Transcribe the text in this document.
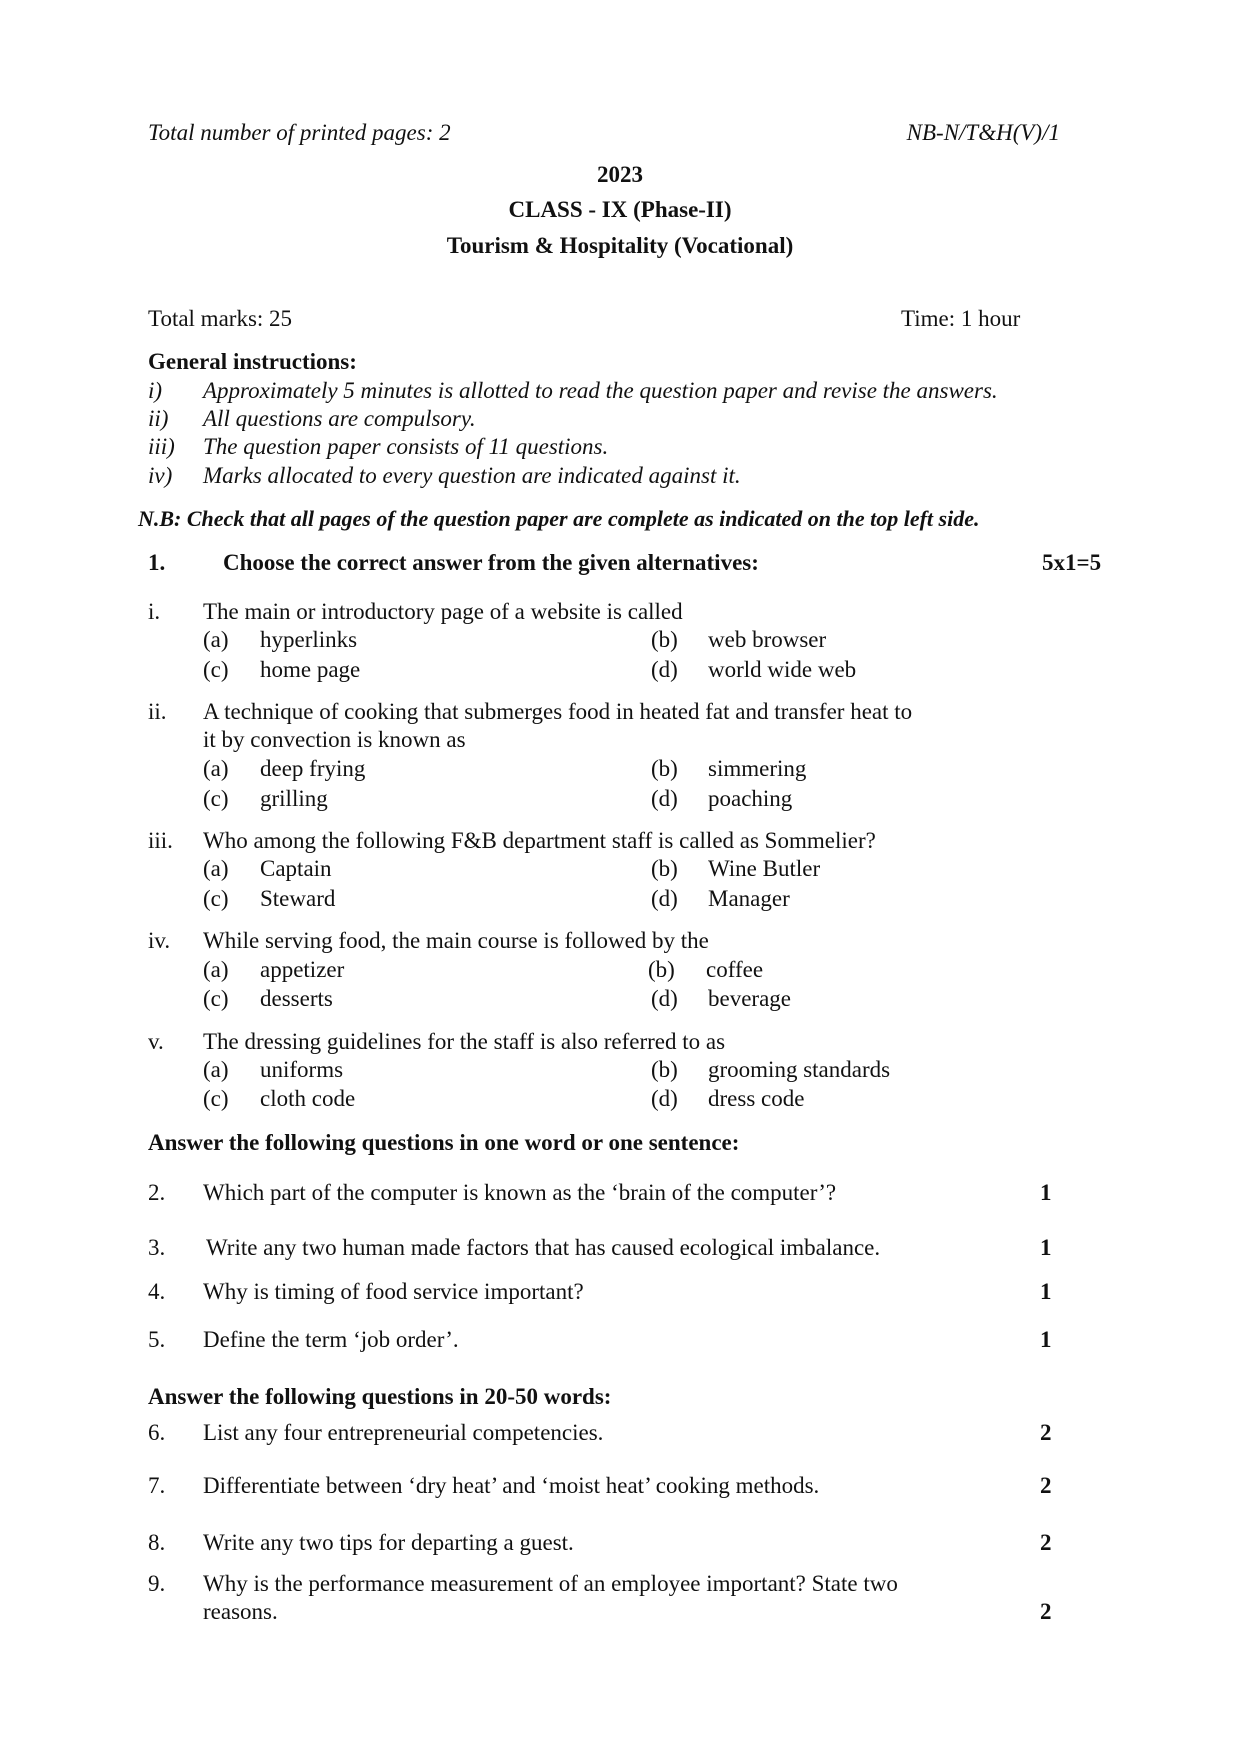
Total number of printed pages: 2	NB-N/T&H(V)/1
2023
CLASS - IX (Phase-II)
Tourism & Hospitality (Vocational)
Total marks: 25	Time: 1 hour
General instructions:
i) Approximately 5 minutes is allotted to read the question paper and revise the answers.
ii) All questions are compulsory.
iii) The question paper consists of 11 questions.
iv) Marks allocated to every question are indicated against it.
N.B: Check that all pages of the question paper are complete as indicated on the top left side.
1.	Choose the correct answer from the given alternatives:	5x1=5
i. The main or introductory page of a website is called
(a) hyperlinks	(b) web browser
(c) home page	(d) world wide web
ii. A technique of cooking that submerges food in heated fat and transfer heat to
it by convection is known as
(a) deep frying	(b) simmering
(c) grilling	(d) poaching
iii. Who among the following F&B department staff is called as Sommelier?
(a) Captain	(b) Wine Butler
(c) Steward	(d) Manager
iv. While serving food, the main course is followed by the
(a) appetizer	(b) coffee
(c) desserts	(d) beverage
v. The dressing guidelines for the staff is also referred to as
(a) uniforms	(b) grooming standards
(c) cloth code	(d) dress code
Answer the following questions in one word or one sentence:
2. Which part of the computer is known as the ‘brain of the computer’?	1
3. Write any two human made factors that has caused ecological imbalance.	1
4. Why is timing of food service important?	1
5. Define the term ‘job order’.	1
Answer the following questions in 20-50 words:
6. List any four entrepreneurial competencies.	2
7. Differentiate between ‘dry heat’ and ‘moist heat’ cooking methods.	2
8. Write any two tips for departing a guest.	2
9. Why is the performance measurement of an employee important? State two
reasons.	2
